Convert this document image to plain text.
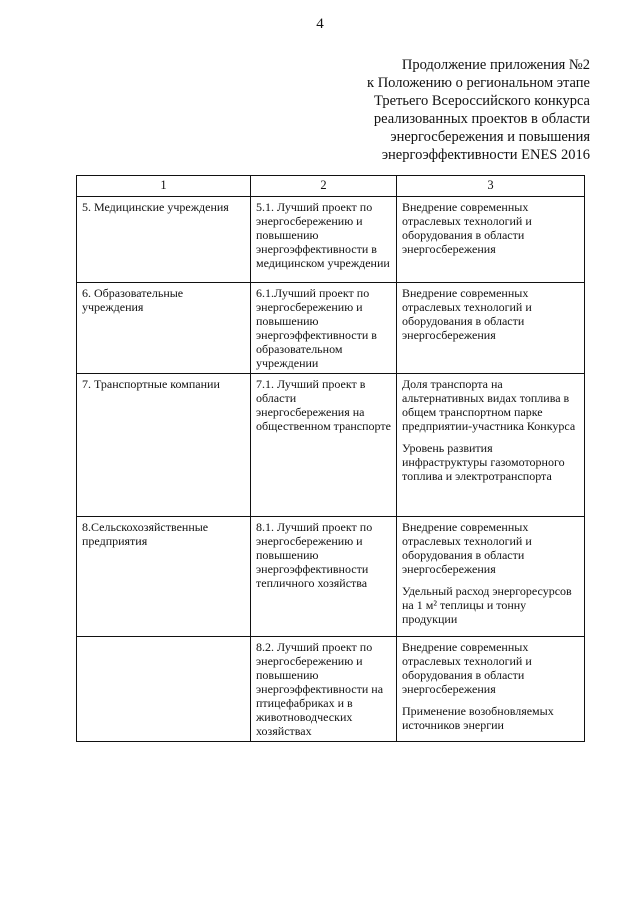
4
Продолжение приложения №2
к Положению о региональном этапе
Третьего Всероссийского конкурса
реализованных проектов в области
энергосбережения и повышения
энергоэффективности ENES 2016
1	2	3
5. Медицинские учреждения	5.1. Лучший проект по энергосбережению и повышению энергоэффективности в медицинском учреждении	Внедрение современных отраслевых технологий и оборудования в области энергосбережения

6. Образовательные учреждения	6.1.Лучший проект по энергосбережению и повышению энергоэффективности в образовательном учреждении	Внедрение современных отраслевых технологий и оборудования в области энергосбережения

7. Транспортные компании	7.1. Лучший проект в области энергосбережения на общественном транспорте	Доля транспорта на альтернативных видах топлива в общем транспортном парке предприятии-участника Конкурса
Уровень развития инфраструктуры газомоторного топлива и электротранспорта

8.Сельскохозяйственные предприятия	8.1. Лучший проект по энергосбережению и повышению энергоэффективности тепличного хозяйства	Внедрение современных отраслевых технологий и оборудования в области энергосбережения
Удельный расход энергоресурсов на 1 м² теплицы и тонну продукции

	8.2. Лучший проект по энергосбережению и повышению энергоэффективности на птицефабриках и в животноводческих хозяйствах	Внедрение современных отраслевых технологий и оборудования в области энергосбережения
Применение возобновляемых источников энергии
